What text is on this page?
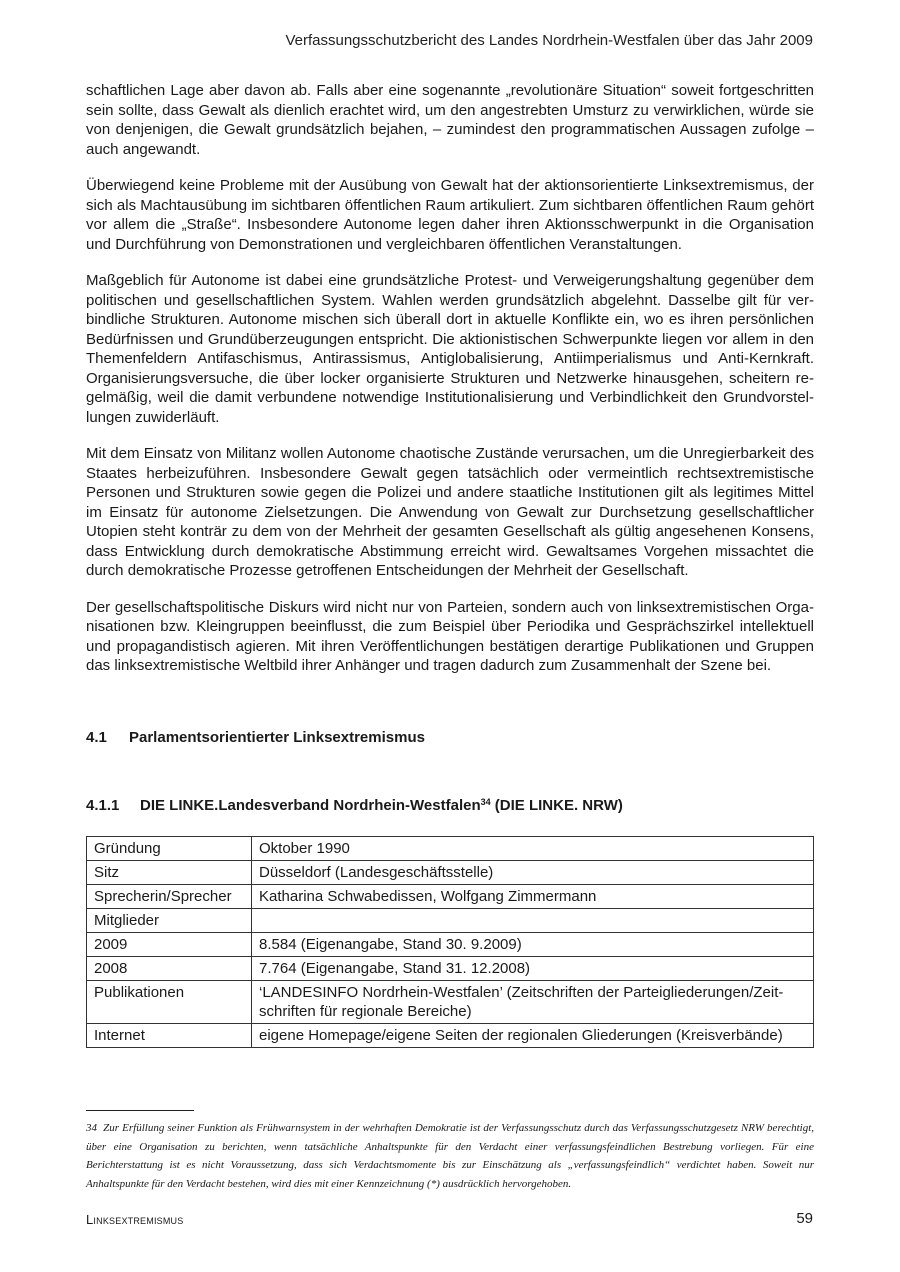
Verfassungsschutzbericht des Landes Nordrhein-Westfalen über das Jahr 2009

schaftlichen Lage aber davon ab. Falls aber eine sogenannte „revolutionäre Situation“ soweit fortgeschritten sein sollte, dass Gewalt als dienlich erachtet wird, um den angestrebten Umsturz zu verwirklichen, würde sie von denjenigen, die Gewalt grundsätzlich bejahen, – zumindest den programmatischen Aussagen zufolge – auch angewandt.

Überwiegend keine Probleme mit der Ausübung von Gewalt hat der aktionsorientierte Linksextremismus, der sich als Machtausübung im sichtbaren öffentlichen Raum artikuliert. Zum sichtbaren öffentlichen Raum gehört vor allem die „Straße“. Insbesondere Autonome legen daher ihren Aktionsschwerpunkt in die Organisation und Durchführung von Demonstrationen und vergleichbaren öffentlichen Veranstaltungen.

Maßgeblich für Autonome ist dabei eine grundsätzliche Protest- und Verweigerungshaltung gegenüber dem politischen und gesellschaftlichen System. Wahlen werden grundsätzlich abgelehnt. Dasselbe gilt für verbindliche Strukturen. Autonome mischen sich überall dort in aktuelle Konflikte ein, wo es ihren persönlichen Bedürfnissen und Grundüberzeugungen entspricht. Die aktionistischen Schwerpunkte liegen vor allem in den Themenfeldern Antifaschismus, Antirassismus, Antiglobalisierung, Antiimperialismus und Anti-Kernkraft. Organisierungsversuche, die über locker organisierte Strukturen und Netzwerke hinausgehen, scheitern regelmäßig, weil die damit verbundene notwendige Institutionalisierung und Verbindlichkeit den Grundvorstellungen zuwiderläuft.

Mit dem Einsatz von Militanz wollen Autonome chaotische Zustände verursachen, um die Unregierbarkeit des Staates herbeizuführen. Insbesondere Gewalt gegen tatsächlich oder vermeintlich rechtsextremistische Personen und Strukturen sowie gegen die Polizei und andere staatliche Institutionen gilt als legitimes Mittel im Einsatz für autonome Zielsetzungen. Die Anwendung von Gewalt zur Durchsetzung gesellschaftlicher Utopien steht konträr zu dem von der Mehrheit der gesamten Gesellschaft als gültig angesehenen Konsens, dass Entwicklung durch demokratische Abstimmung erreicht wird. Gewaltsames Vorgehen missachtet die durch demokratische Prozesse getroffenen Entscheidungen der Mehrheit der Gesellschaft.

Der gesellschaftspolitische Diskurs wird nicht nur von Parteien, sondern auch von linksextremistischen Organisationen bzw. Kleingruppen beeinflusst, die zum Beispiel über Periodika und Gesprächszirkel intellektuell und propagandistisch agieren. Mit ihren Veröffentlichungen bestätigen derartige Publikationen und Gruppen das linksextremistische Weltbild ihrer Anhänger und tragen dadurch zum Zusammenhalt der Szene bei.

4.1 Parlamentsorientierter Linksextremismus
4.1.1 DIE LINKE.Landesverband Nordrhein-Westfalen$^{34}$ (DIE LINKE. NRW)
Gründung	Oktober 1990
Sitz	Düsseldorf (Landesgeschäftsstelle)
Sprecherin/Sprecher	Katharina Schwabedissen, Wolfgang Zimmermann
Mitglieder	
2009	8.584 (Eigenangabe, Stand 30. 9.2009)
2008	7.764 (Eigenangabe, Stand 31. 12.2008)
Publikationen	‘LANDESINFO Nordrhein-Westfalen’ (Zeitschriften der Parteigliederungen/Zeitschriften für regionale Bereiche)
Internet	eigene Homepage/eigene Seiten der regionalen Gliederungen (Kreisverbände)
34 Zur Erfüllung seiner Funktion als Frühwarnsystem in der wehrhaften Demokratie ist der Verfassungsschutz durch das Verfassungsschutzgesetz NRW berechtigt, über eine Organisation zu berichten, wenn tatsächliche Anhaltspunkte für den Verdacht einer verfassungsfeindlichen Bestrebung vorliegen. Für eine Berichterstattung ist es nicht Voraussetzung, dass sich Verdachtsmomente bis zur Einschätzung als „verfassungsfeindlich“ verdichtet haben. Soweit nur Anhaltspunkte für den Verdacht bestehen, wird dies mit einer Kennzeichnung (*) ausdrücklich hervorgehoben.
Linksextremismus	59
